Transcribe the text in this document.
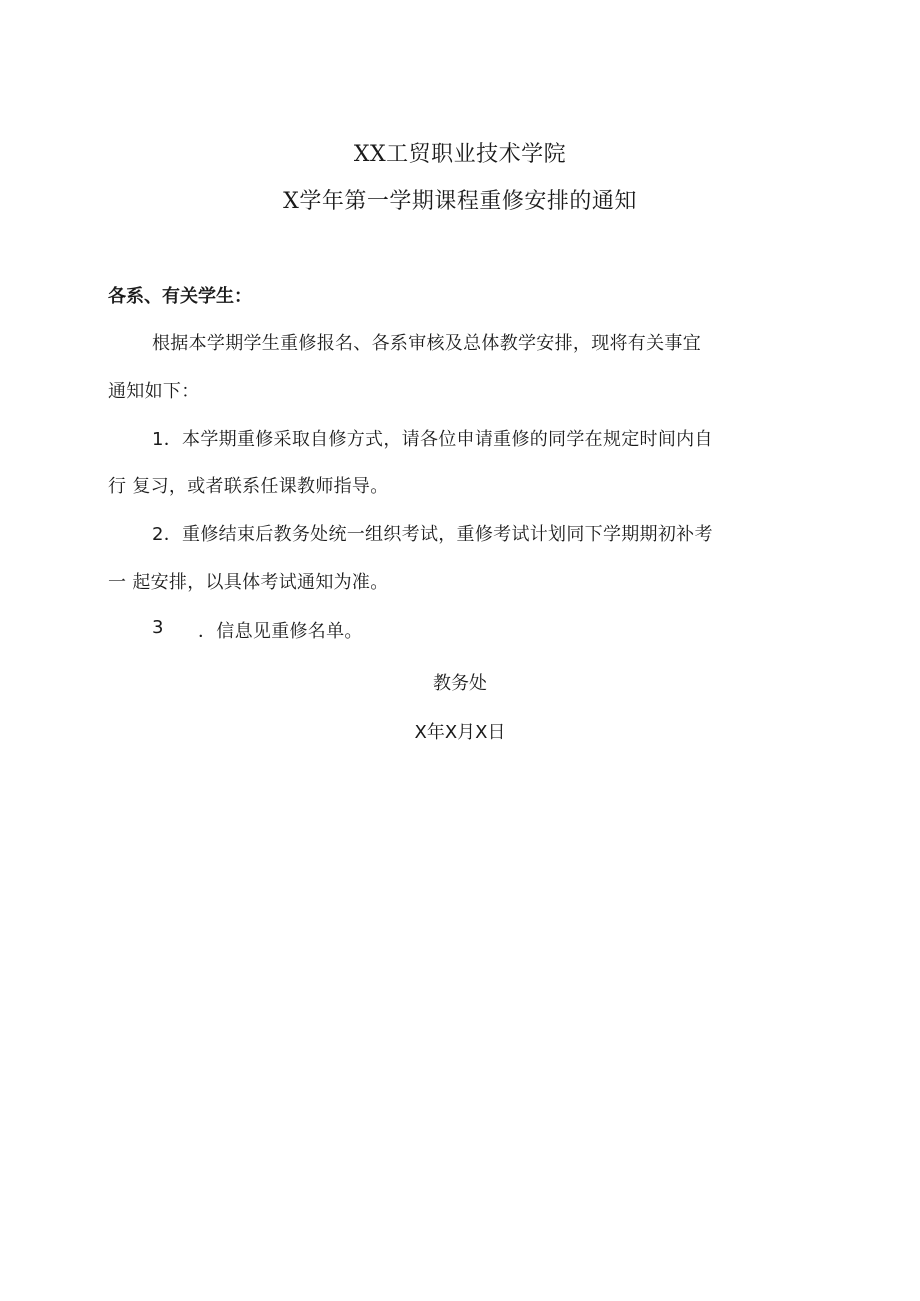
XX工贸职业技术学院
X学年第一学期课程重修安排的通知
各系、有关学生：
根据本学期学生重修报名、各系审核及总体教学安排，现将有关事宜
通知如下：
1．本学期重修采取自修方式，请各位申请重修的同学在规定时间内自
行 复习，或者联系任课教师指导。
2．重修结束后教务处统一组织考试，重修考试计划同下学期期初补考
一 起安排，以具体考试通知为准。
3 ．信息见重修名单。
教务处
X年X月X日
